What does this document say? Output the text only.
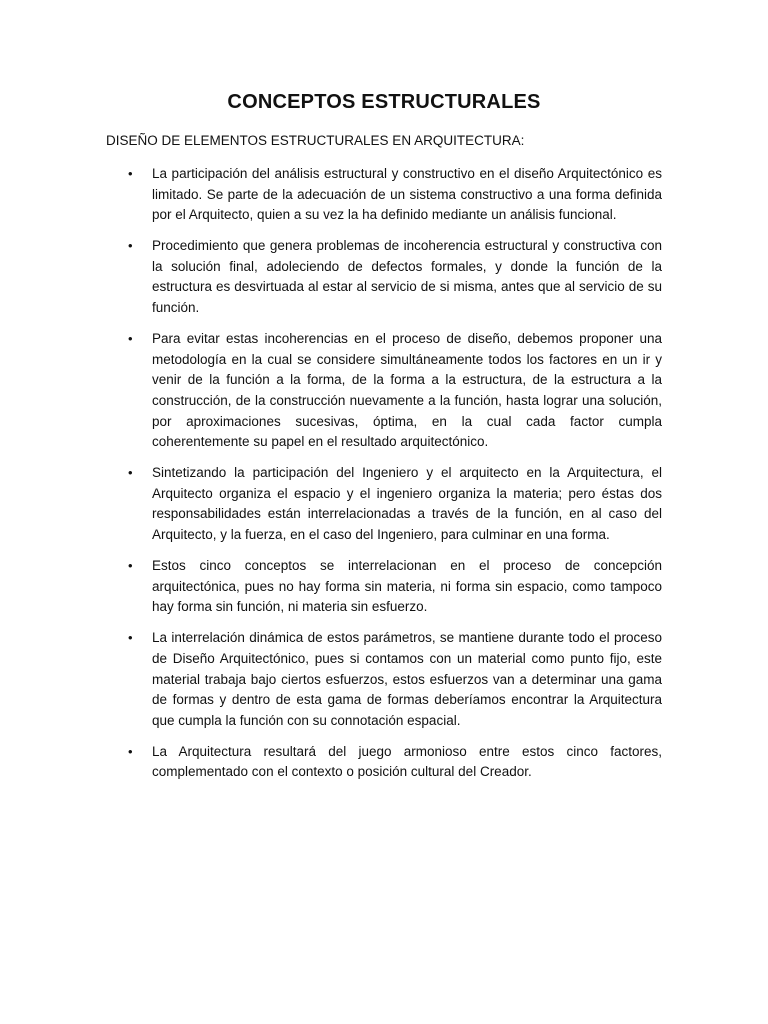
CONCEPTOS ESTRUCTURALES

DISEÑO DE ELEMENTOS ESTRUCTURALES EN ARQUITECTURA:

• La participación del análisis estructural y constructivo en el diseño Arquitectónico es limitado. Se parte de la adecuación de un sistema constructivo a una forma definida por el Arquitecto, quien a su vez la ha definido mediante un análisis funcional.
• Procedimiento que genera problemas de incoherencia estructural y constructiva con la solución final, adoleciendo de defectos formales, y donde la función de la estructura es desvirtuada al estar al servicio de si misma, antes que al servicio de su función.
• Para evitar estas incoherencias en el proceso de diseño, debemos proponer una metodología en la cual se considere simultáneamente todos los factores en un ir y venir de la función a la forma, de la forma a la estructura, de la estructura a la construcción, de la construcción nuevamente a la función, hasta lograr una solución, por aproximaciones sucesivas, óptima, en la cual cada factor cumpla coherentemente su papel en el resultado arquitectónico.
• Sintetizando la participación del Ingeniero y el arquitecto en la Arquitectura, el Arquitecto organiza el espacio y el ingeniero organiza la materia; pero éstas dos responsabilidades están interrelacionadas a través de la función, en al caso del Arquitecto, y la fuerza, en el caso del Ingeniero, para culminar en una forma.
• Estos cinco conceptos se interrelacionan en el proceso de concepción arquitectónica, pues no hay forma sin materia, ni forma sin espacio, como tampoco hay forma sin función, ni materia sin esfuerzo.
• La interrelación dinámica de estos parámetros, se mantiene durante todo el proceso de Diseño Arquitectónico, pues si contamos con un material como punto fijo, este material trabaja bajo ciertos esfuerzos, estos esfuerzos van a determinar una gama de formas y dentro de esta gama de formas deberíamos encontrar la Arquitectura que cumpla la función con su connotación espacial.
• La Arquitectura resultará del juego armonioso entre estos cinco factores, complementado con el contexto o posición cultural del Creador.
